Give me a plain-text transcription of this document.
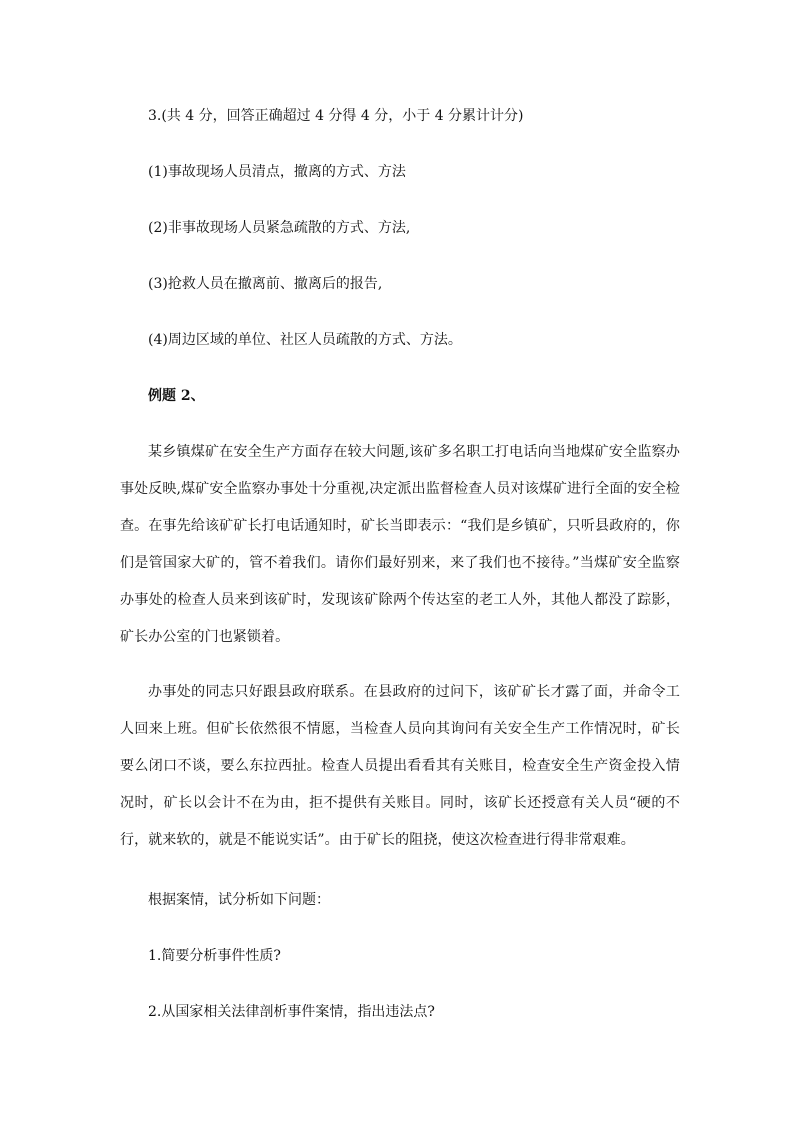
3.(共 4 分，回答正确超过 4 分得 4 分，小于 4 分累计计分)
(1)事故现场人员清点，撤离的方式、方法
(2)非事故现场人员紧急疏散的方式、方法,
(3)抢救人员在撤离前、撤离后的报告,
(4)周边区域的单位、社区人员疏散的方式、方法。
例题 2、
某乡镇煤矿在安全生产方面存在较大问题,该矿多名职工打电话向当地煤矿安全监察办事处反映,煤矿安全监察办事处十分重视,决定派出监督检查人员对该煤矿进行全面的安全检查。在事先给该矿矿长打电话通知时，矿长当即表示：“我们是乡镇矿，只听县政府的，你们是管国家大矿的，管不着我们。请你们最好别来，来了我们也不接待。”当煤矿安全监察办事处的检查人员来到该矿时，发现该矿除两个传达室的老工人外，其他人都没了踪影，矿长办公室的门也紧锁着。
办事处的同志只好跟县政府联系。在县政府的过问下，该矿矿长才露了面，并命令工人回来上班。但矿长依然很不情愿，当检查人员向其询问有关安全生产工作情况时，矿长要么闭口不谈，要么东拉西扯。检查人员提出看看其有关账目，检查安全生产资金投入情况时，矿长以会计不在为由，拒不提供有关账目。同时，该矿长还授意有关人员“硬的不行，就来软的，就是不能说实话”。由于矿长的阻挠，使这次检查进行得非常艰难。
根据案情，试分析如下问题：
1.简要分析事件性质?
2.从国家相关法律剖析事件案情，指出违法点?
